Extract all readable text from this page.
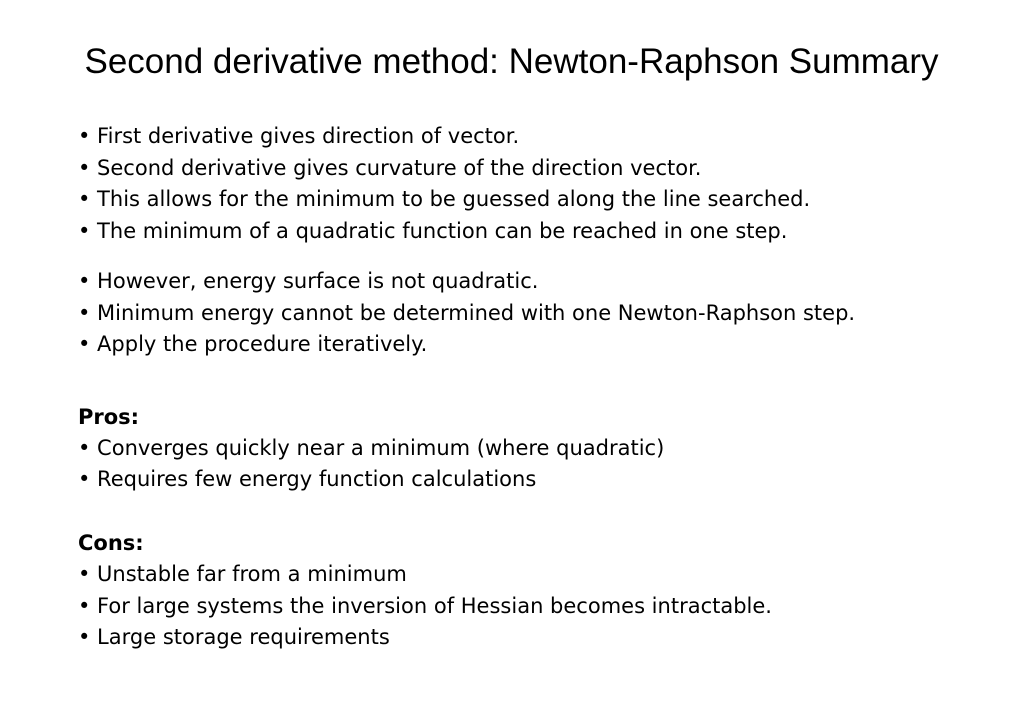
Second derivative method: Newton-Raphson Summary
• First derivative gives direction of vector.
• Second derivative gives curvature of the direction vector.
• This allows for the minimum to be guessed along the line searched.
• The minimum of a quadratic function can be reached in one step.
• However, energy surface is not quadratic.
• Minimum energy cannot be determined with one Newton-Raphson step.
• Apply the procedure iteratively.
Pros:
• Converges quickly near a minimum (where quadratic)
• Requires few energy function calculations
Cons:
• Unstable far from a minimum
• For large systems the inversion of Hessian becomes intractable.
• Large storage requirements
